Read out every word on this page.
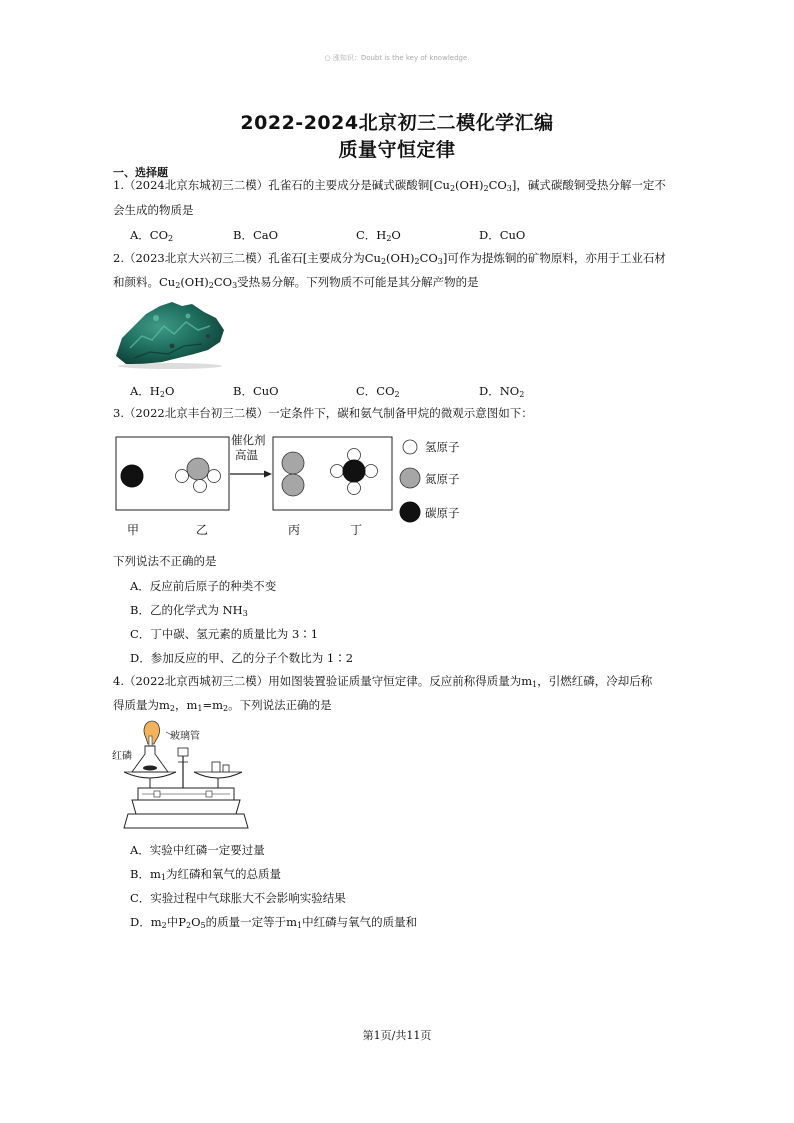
○ 涨知识：Doubt is the key of knowledge.
2022-2024北京初三二模化学汇编
质量守恒定律
一、选择题
1.（2024北京东城初三二模）孔雀石的主要成分是碱式碳酸铜$[Cu_2(OH)_2CO_3]$，碱式碳酸铜受热分解一定不
会生成的物质是
A．$CO_2$	B．CaO	C．$H_2O$	D．CuO
2.（2023北京大兴初三二模）孔雀石[主要成分为$Cu_2(OH)_2CO_3$]可作为提炼铜的矿物原料，亦用于工业石材
和颜料。$Cu_2(OH)_2CO_3$受热易分解。下列物质不可能是其分解产物的是
A．$H_2O$	B．CuO	C．$CO_2$	D．$NO_2$
3.（2022北京丰台初三二模）一定条件下，碳和氨气制备甲烷的微观示意图如下：
催化剂
高温
氢原子
氮原子
碳原子
甲	乙	丙	丁
下列说法不正确的是
A．反应前后原子的种类不变
B．乙的化学式为 $NH_3$
C．丁中碳、氢元素的质量比为 3∶1
D．参加反应的甲、乙的分子个数比为 1∶2
4.（2022北京西城初三二模）用如图装置验证质量守恒定律。反应前称得质量为$m_1$，引燃红磷，冷却后称
得质量为$m_2$，$m_1=m_2$。下列说法正确的是
玻璃管
红磷
A．实验中红磷一定要过量
B．$m_1$为红磷和氧气的总质量
C．实验过程中气球胀大不会影响实验结果
D．$m_2$中$P_2O_5$的质量一定等于$m_1$中红磷与氧气的质量和
第1页/共11页
